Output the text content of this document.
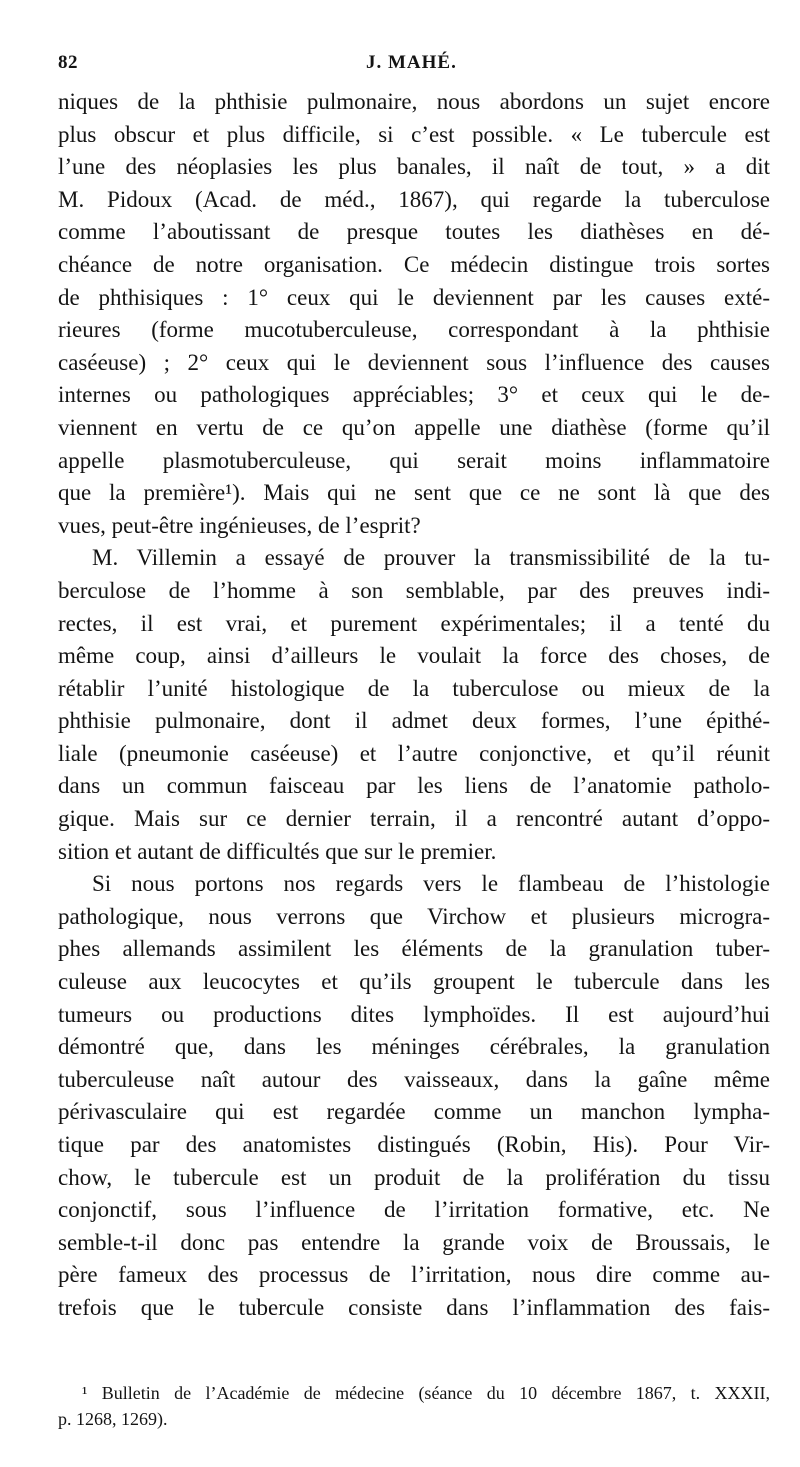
82	J. MAHÉ.
niques de la phthisie pulmonaire, nous abordons un sujet encore
plus obscur et plus difficile, si c’est possible. « Le tubercule est
l’une des néoplasies les plus banales, il naît de tout, » a dit
M. Pidoux (Acad. de méd., 1867), qui regarde la tuberculose
comme l’aboutissant de presque toutes les diathèses en dé-
chéance de notre organisation. Ce médecin distingue trois sortes
de phthisiques : 1° ceux qui le deviennent par les causes exté-
rieures (forme mucotuberculeuse, correspondant à la phthisie
caséeuse) ; 2° ceux qui le deviennent sous l’influence des causes
internes ou pathologiques appréciables; 3° et ceux qui le de-
viennent en vertu de ce qu’on appelle une diathèse (forme qu’il
appelle plasmotuberculeuse, qui serait moins inflammatoire
que la première¹). Mais qui ne sent que ce ne sont là que des
vues, peut-être ingénieuses, de l’esprit?
M. Villemin a essayé de prouver la transmissibilité de la tu-
berculose de l’homme à son semblable, par des preuves indi-
rectes, il est vrai, et purement expérimentales; il a tenté du
même coup, ainsi d’ailleurs le voulait la force des choses, de
rétablir l’unité histologique de la tuberculose ou mieux de la
phthisie pulmonaire, dont il admet deux formes, l’une épithé-
liale (pneumonie caséeuse) et l’autre conjonctive, et qu’il réunit
dans un commun faisceau par les liens de l’anatomie patholo-
gique. Mais sur ce dernier terrain, il a rencontré autant d’oppo-
sition et autant de difficultés que sur le premier.
Si nous portons nos regards vers le flambeau de l’histologie
pathologique, nous verrons que Virchow et plusieurs microgra-
phes allemands assimilent les éléments de la granulation tuber-
culeuse aux leucocytes et qu’ils groupent le tubercule dans les
tumeurs ou productions dites lymphoïdes. Il est aujourd’hui
démontré que, dans les méninges cérébrales, la granulation
tuberculeuse naît autour des vaisseaux, dans la gaîne même
périvasculaire qui est regardée comme un manchon lympha-
tique par des anatomistes distingués (Robin, His). Pour Vir-
chow, le tubercule est un produit de la prolifération du tissu
conjonctif, sous l’influence de l’irritation formative, etc. Ne
semble-t-il donc pas entendre la grande voix de Broussais, le
père fameux des processus de l’irritation, nous dire comme au-
trefois que le tubercule consiste dans l’inflammation des fais-
¹ Bulletin de l’Académie de médecine (séance du 10 décembre 1867, t. XXXII,
p. 1268, 1269).
